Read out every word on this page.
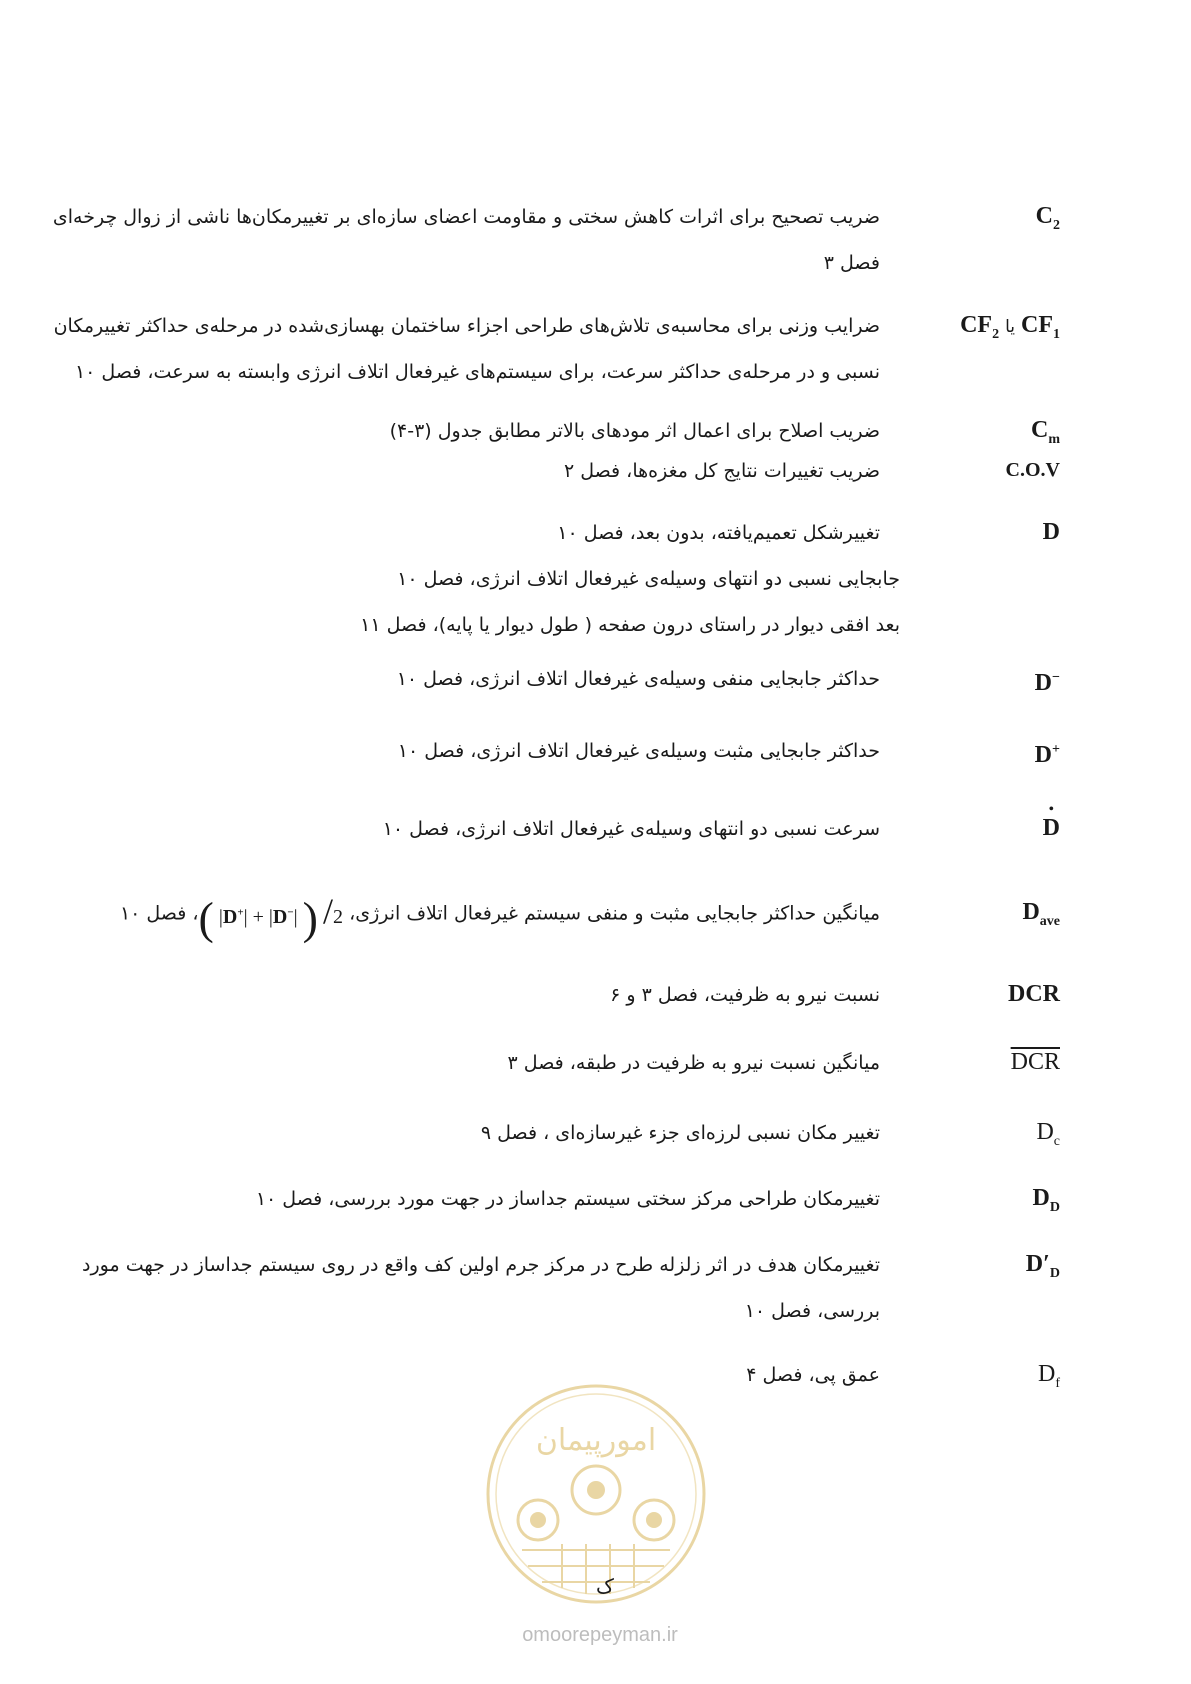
$C_2$
ضریب تصحیح برای اثرات کاهش سختی و مقاومت اعضای سازه‌ای بر تغییرمکان‌ها ناشی از زوال چرخه‌ای
فصل ۳
$CF_2$ یا $CF_1$
ضرایب وزنی برای محاسبه‌ی تلاش‌های طراحی اجزاء ساختمان بهسازی‌شده در مرحله‌ی حداکثر تغییرمکان
نسبی و در مرحله‌ی حداکثر سرعت، برای سیستم‌های غیرفعال اتلاف انرژی وابسته به سرعت، فصل ۱۰
$C_m$
ضریب اصلاح برای اعمال اثر مودهای بالاتر مطابق جدول (۳-۴)
C.O.V
ضریب تغییرات نتایج کل مغزه‌ها، فصل ۲
D
تغییرشکل تعمیم‌یافته، بدون بعد، فصل ۱۰
جابجایی نسبی دو انتهای وسیله‌ی غیرفعال اتلاف انرژی، فصل ۱۰
بعد افقی دیوار در راستای درون صفحه ( طول دیوار یا پایه)، فصل ۱۱
D−
حداکثر جابجایی منفی وسیله‌ی غیرفعال اتلاف انرژی، فصل ۱۰
D+
حداکثر جابجایی مثبت وسیله‌ی غیرفعال اتلاف انرژی، فصل ۱۰
• D
سرعت نسبی دو انتهای وسیله‌ی غیرفعال اتلاف انرژی، فصل ۱۰
$D_{ave}$
میانگین حداکثر جابجایی مثبت و منفی سیستم غیرفعال اتلاف انرژی، ( |D+| + |D−| ) /2، فصل ۱۰
DCR
نسبت نیرو به ظرفیت، فصل ۳ و ۶
$\overline{DCR}$
میانگین نسبت نیرو به ظرفیت در طبقه، فصل ۳
$D_c$
تغییر مکان نسبی لرزه‌ای جزء غیرسازه‌ای ، فصل ۹
$D_D$
تغییرمکان طراحی مرکز سختی سیستم جداساز در جهت مورد بررسی، فصل ۱۰
$D'_D$
تغییرمکان هدف در اثر زلزله طرح در مرکز جرم اولین کف واقع در روی سیستم جداساز در جهت مورد
بررسی، فصل ۱۰
$D_f$
عمق پی، فصل ۴
امورپیمان
ک
omoorepeyman.ir
